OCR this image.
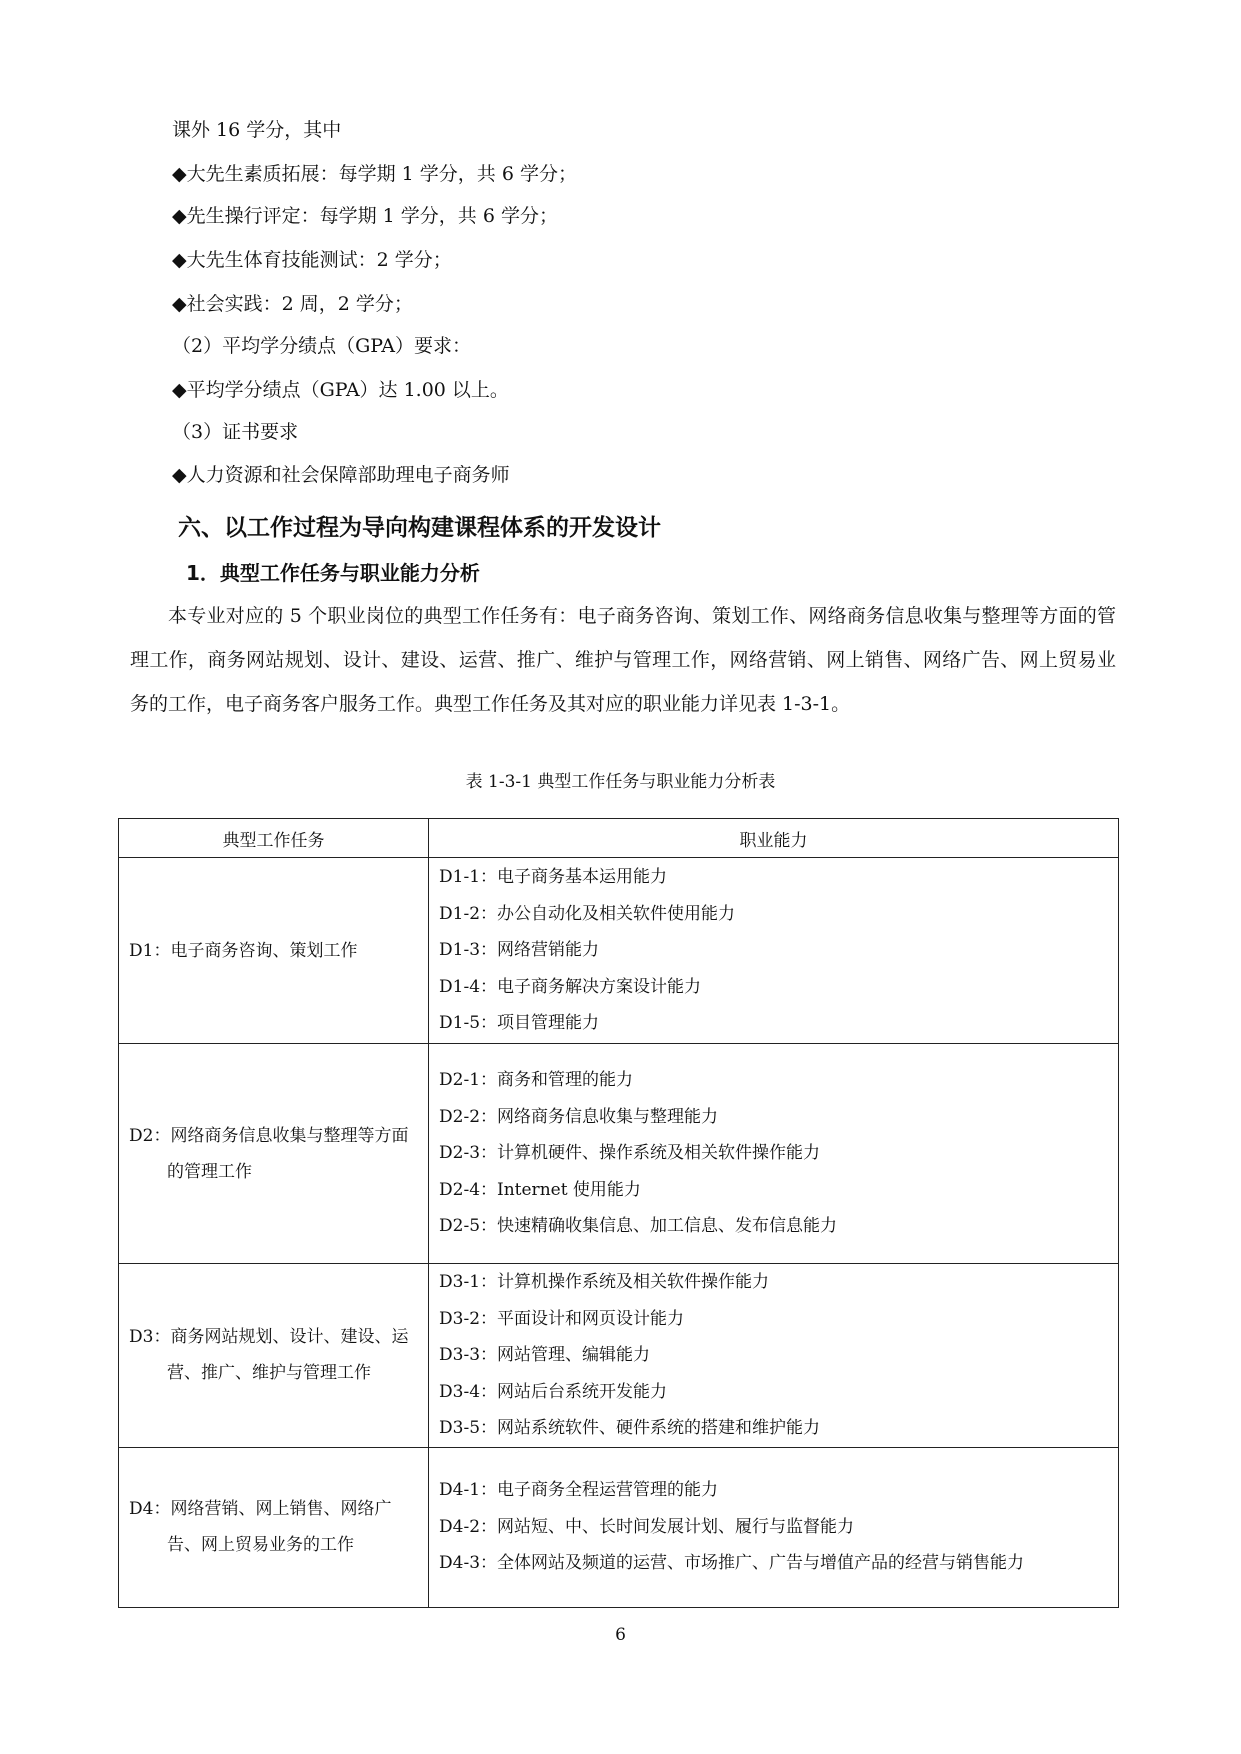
课外 16 学分，其中
◆大先生素质拓展：每学期 1 学分，共 6 学分；
◆先生操行评定：每学期 1 学分，共 6 学分；
◆大先生体育技能测试：2 学分；
◆社会实践：2 周，2 学分；
（2）平均学分绩点（GPA）要求：
◆平均学分绩点（GPA）达 1.00 以上。
（3）证书要求
◆人力资源和社会保障部助理电子商务师
六、以工作过程为导向构建课程体系的开发设计
1．典型工作任务与职业能力分析
本专业对应的 5 个职业岗位的典型工作任务有：电子商务咨询、策划工作、网络商务信息收集与整理等方面的管理工作，商务网站规划、设计、建设、运营、推广、维护与管理工作，网络营销、网上销售、网络广告、网上贸易业务的工作，电子商务客户服务工作。典型工作任务及其对应的职业能力详见表 1-3-1。
表 1-3-1 典型工作任务与职业能力分析表
典型工作任务	职业能力

D1：电子商务咨询、策划工作	D1-1：电子商务基本运用能力
D1-2：办公自动化及相关软件使用能力
D1-3：网络营销能力
D1-4：电子商务解决方案设计能力
D1-5：项目管理能力

D2：网络商务信息收集与整理等方面的管理工作	D2-1：商务和管理的能力
D2-2：网络商务信息收集与整理能力
D2-3：计算机硬件、操作系统及相关软件操作能力
D2-4：Internet 使用能力
D2-5：快速精确收集信息、加工信息、发布信息能力

D3：商务网站规划、设计、建设、运营、推广、维护与管理工作	D3-1：计算机操作系统及相关软件操作能力
D3-2：平面设计和网页设计能力
D3-3：网站管理、编辑能力
D3-4：网站后台系统开发能力
D3-5：网站系统软件、硬件系统的搭建和维护能力

D4：网络营销、网上销售、网络广告、网上贸易业务的工作	D4-1：电子商务全程运营管理的能力
D4-2：网站短、中、长时间发展计划、履行与监督能力
D4-3：全体网站及频道的运营、市场推广、广告与增值产品的经营与销售能力
6
